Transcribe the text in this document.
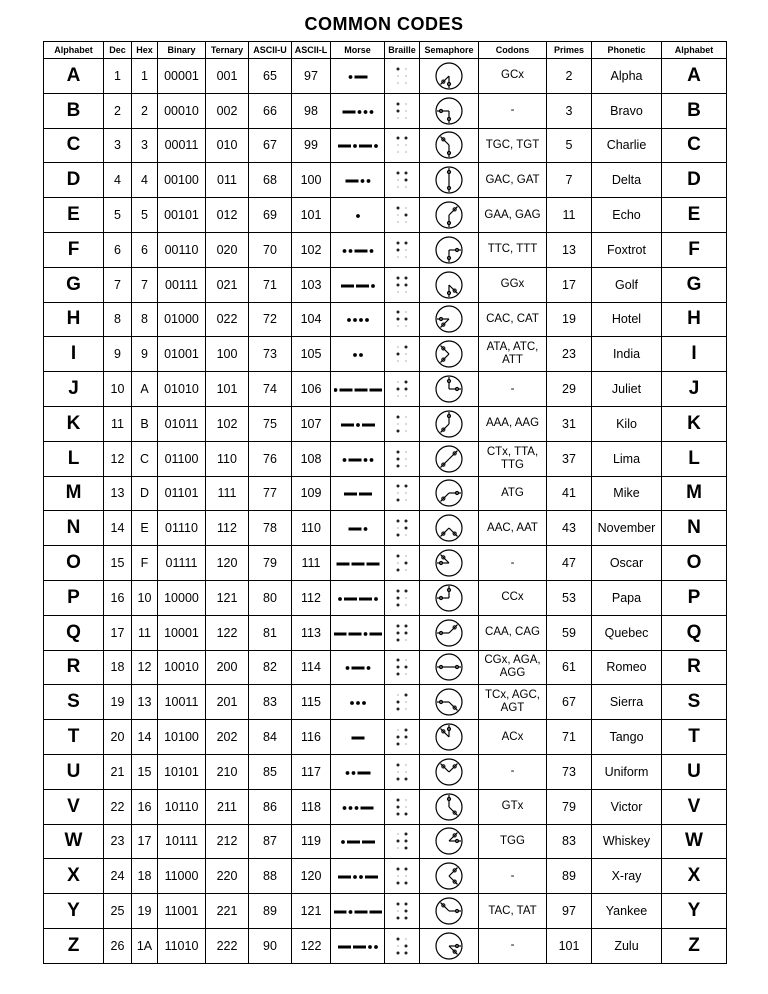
COMMON CODES
Alphabet	Dec	Hex	Binary	Ternary	ASCII-U	ASCII-L	Morse	Braille	Semaphore	Codons	Primes	Phonetic	Alphabet
A	1	1	00001	001	65	97				GCx	2	Alpha	A
B	2	2	00010	002	66	98				-	3	Bravo	B
C	3	3	00011	010	67	99				TGC, TGT	5	Charlie	C
D	4	4	00100	011	68	100				GAC, GAT	7	Delta	D
E	5	5	00101	012	69	101				GAA, GAG	11	Echo	E
F	6	6	00110	020	70	102				TTC, TTT	13	Foxtrot	F
G	7	7	00111	021	71	103				GGx	17	Golf	G
H	8	8	01000	022	72	104				CAC, CAT	19	Hotel	H
I	9	9	01001	100	73	105				ATA, ATC, ATT	23	India	I
J	10	A	01010	101	74	106				-	29	Juliet	J
K	11	B	01011	102	75	107				AAA, AAG	31	Kilo	K
L	12	C	01100	110	76	108				CTx, TTA, TTG	37	Lima	L
M	13	D	01101	111	77	109				ATG	41	Mike	M
N	14	E	01110	112	78	110				AAC, AAT	43	November	N
O	15	F	01111	120	79	111				-	47	Oscar	O
P	16	10	10000	121	80	112				CCx	53	Papa	P
Q	17	11	10001	122	81	113				CAA, CAG	59	Quebec	Q
R	18	12	10010	200	82	114				CGx, AGA, AGG	61	Romeo	R
S	19	13	10011	201	83	115				TCx, AGC, AGT	67	Sierra	S
T	20	14	10100	202	84	116				ACx	71	Tango	T
U	21	15	10101	210	85	117				-	73	Uniform	U
V	22	16	10110	211	86	118				GTx	79	Victor	V
W	23	17	10111	212	87	119				TGG	83	Whiskey	W
X	24	18	11000	220	88	120				-	89	X-ray	X
Y	25	19	11001	221	89	121				TAC, TAT	97	Yankee	Y
Z	26	1A	11010	222	90	122				-	101	Zulu	Z
